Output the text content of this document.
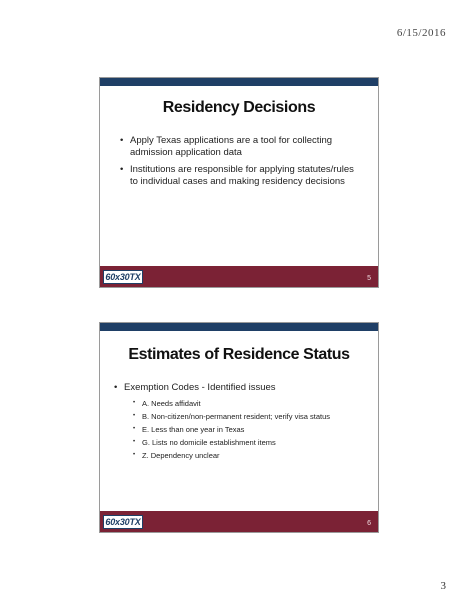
6/15/2016
Residency Decisions
• Apply Texas applications are a tool for collecting admission application data
• Institutions are responsible for applying statutes/rules to individual cases and making residency decisions
60x30TX	5
Estimates of Residence Status
• Exemption Codes - Identified issues
• A. Needs affidavit
• B. Non-citizen/non-permanent resident; verify visa status
• E. Less than one year in Texas
• G. Lists no domicile establishment items
• Z. Dependency unclear
60x30TX	6
3
